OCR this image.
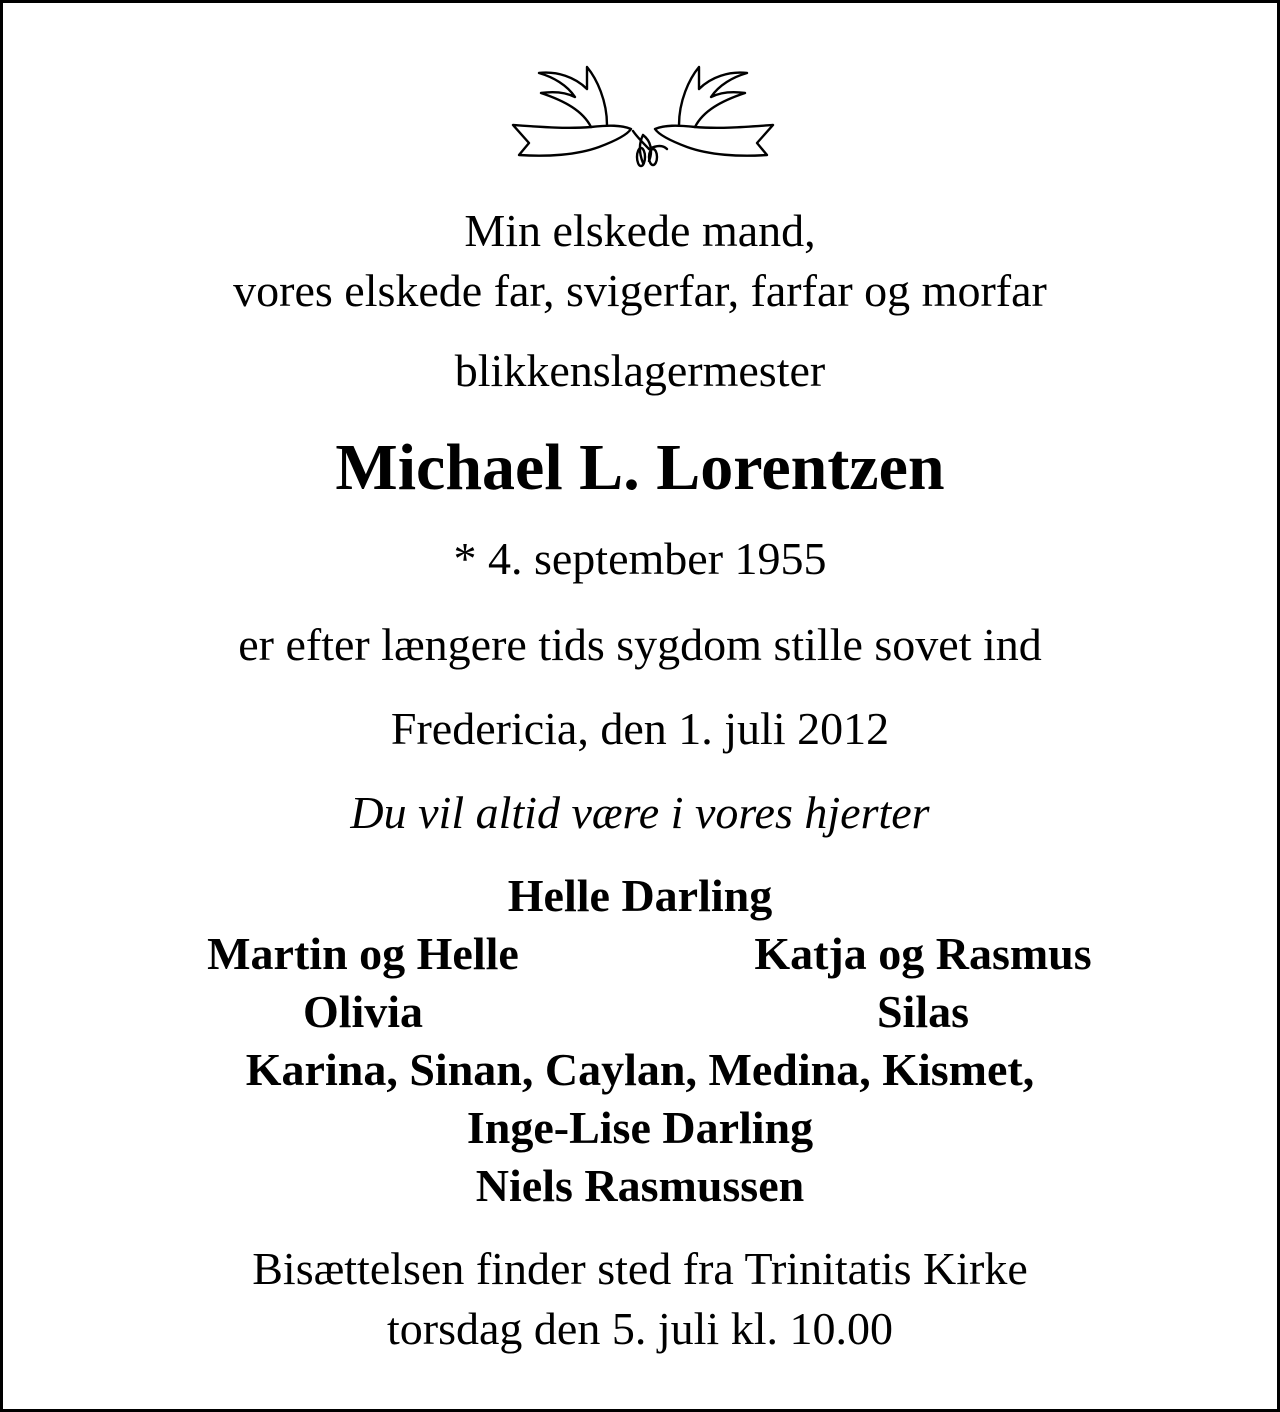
Min elskede mand,
vores elskede far, svigerfar, farfar og morfar
blikkenslagermester
Michael L. Lorentzen
* 4. september 1955
er efter længere tids sygdom stille sovet ind
Fredericia, den 1. juli 2012
Du vil altid være i vores hjerter
Helle Darling
Martin og Helle	Katja og Rasmus
Olivia	Silas
Karina, Sinan, Caylan, Medina, Kismet,
Inge-Lise Darling
Niels Rasmussen
Bisættelsen finder sted fra Trinitatis Kirke
torsdag den 5. juli kl. 10.00
